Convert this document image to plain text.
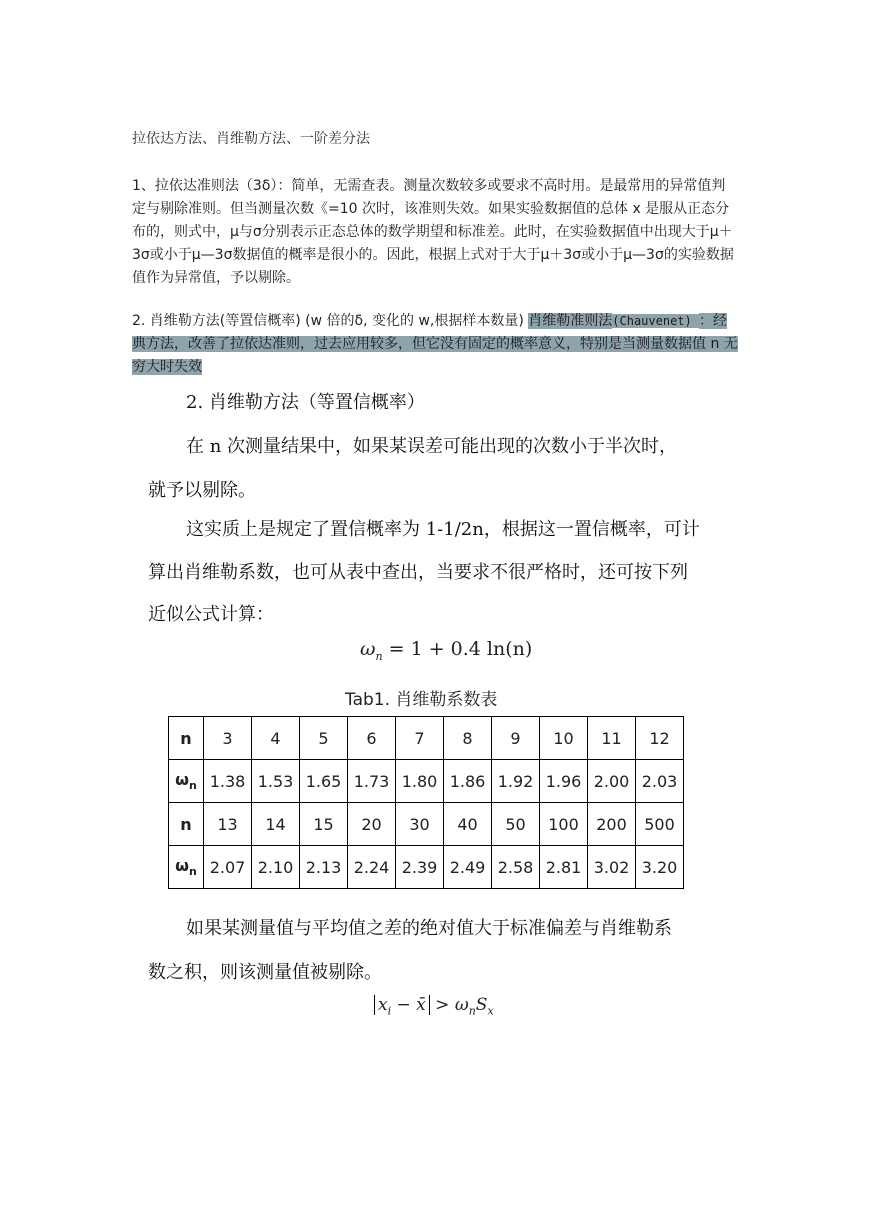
拉依达方法、肖维勒方法、一阶差分法
1、拉依达准则法（3δ）：简单，无需查表。测量次数较多或要求不高时用。是最常用的异常值判定与剔除准则。但当测量次数《=10 次时，该准则失效。如果实验数据值的总体 x 是服从正态分布的，则式中，μ与σ分别表示正态总体的数学期望和标准差。此时，在实验数据值中出现大于μ＋3σ或小于μ—3σ数据值的概率是很小的。因此，根据上式对于大于μ＋3σ或小于μ—3σ的实验数据值作为异常值，予以剔除。
2. 肖维勒方法(等置信概率) (w 倍的δ, 变化的 w,根据样本数量) 肖维勒准则法(Chauvenet) ：经典方法，改善了拉依达准则，过去应用较多，但它没有固定的概率意义，特别是当测量数据值 n 无穷大时失效
2. 肖维勒方法（等置信概率）
在 n 次测量结果中，如果某误差可能出现的次数小于半次时，
就予以剔除。
这实质上是规定了置信概率为 1-1/2n，根据这一置信概率，可计
算出肖维勒系数，也可从表中查出，当要求不很严格时，还可按下列
近似公式计算：
$\omega_n = 1 + 0.4$ ln(n)
Tab1. 肖维勒系数表
n	3	4	5	6	7	8	9	10	11	12
$\omega_n$	1.38	1.53	1.65	1.73	1.80	1.86	1.92	1.96	2.00	2.03
n	13	14	15	20	30	40	50	100	200	500
$\omega_n$	2.07	2.10	2.13	2.24	2.39	2.49	2.58	2.81	3.02	3.20
如果某测量值与平均值之差的绝对值大于标准偏差与肖维勒系
数之积，则该测量值被剔除。
$x_i$ − x̄ > $\omega_nS_x$
